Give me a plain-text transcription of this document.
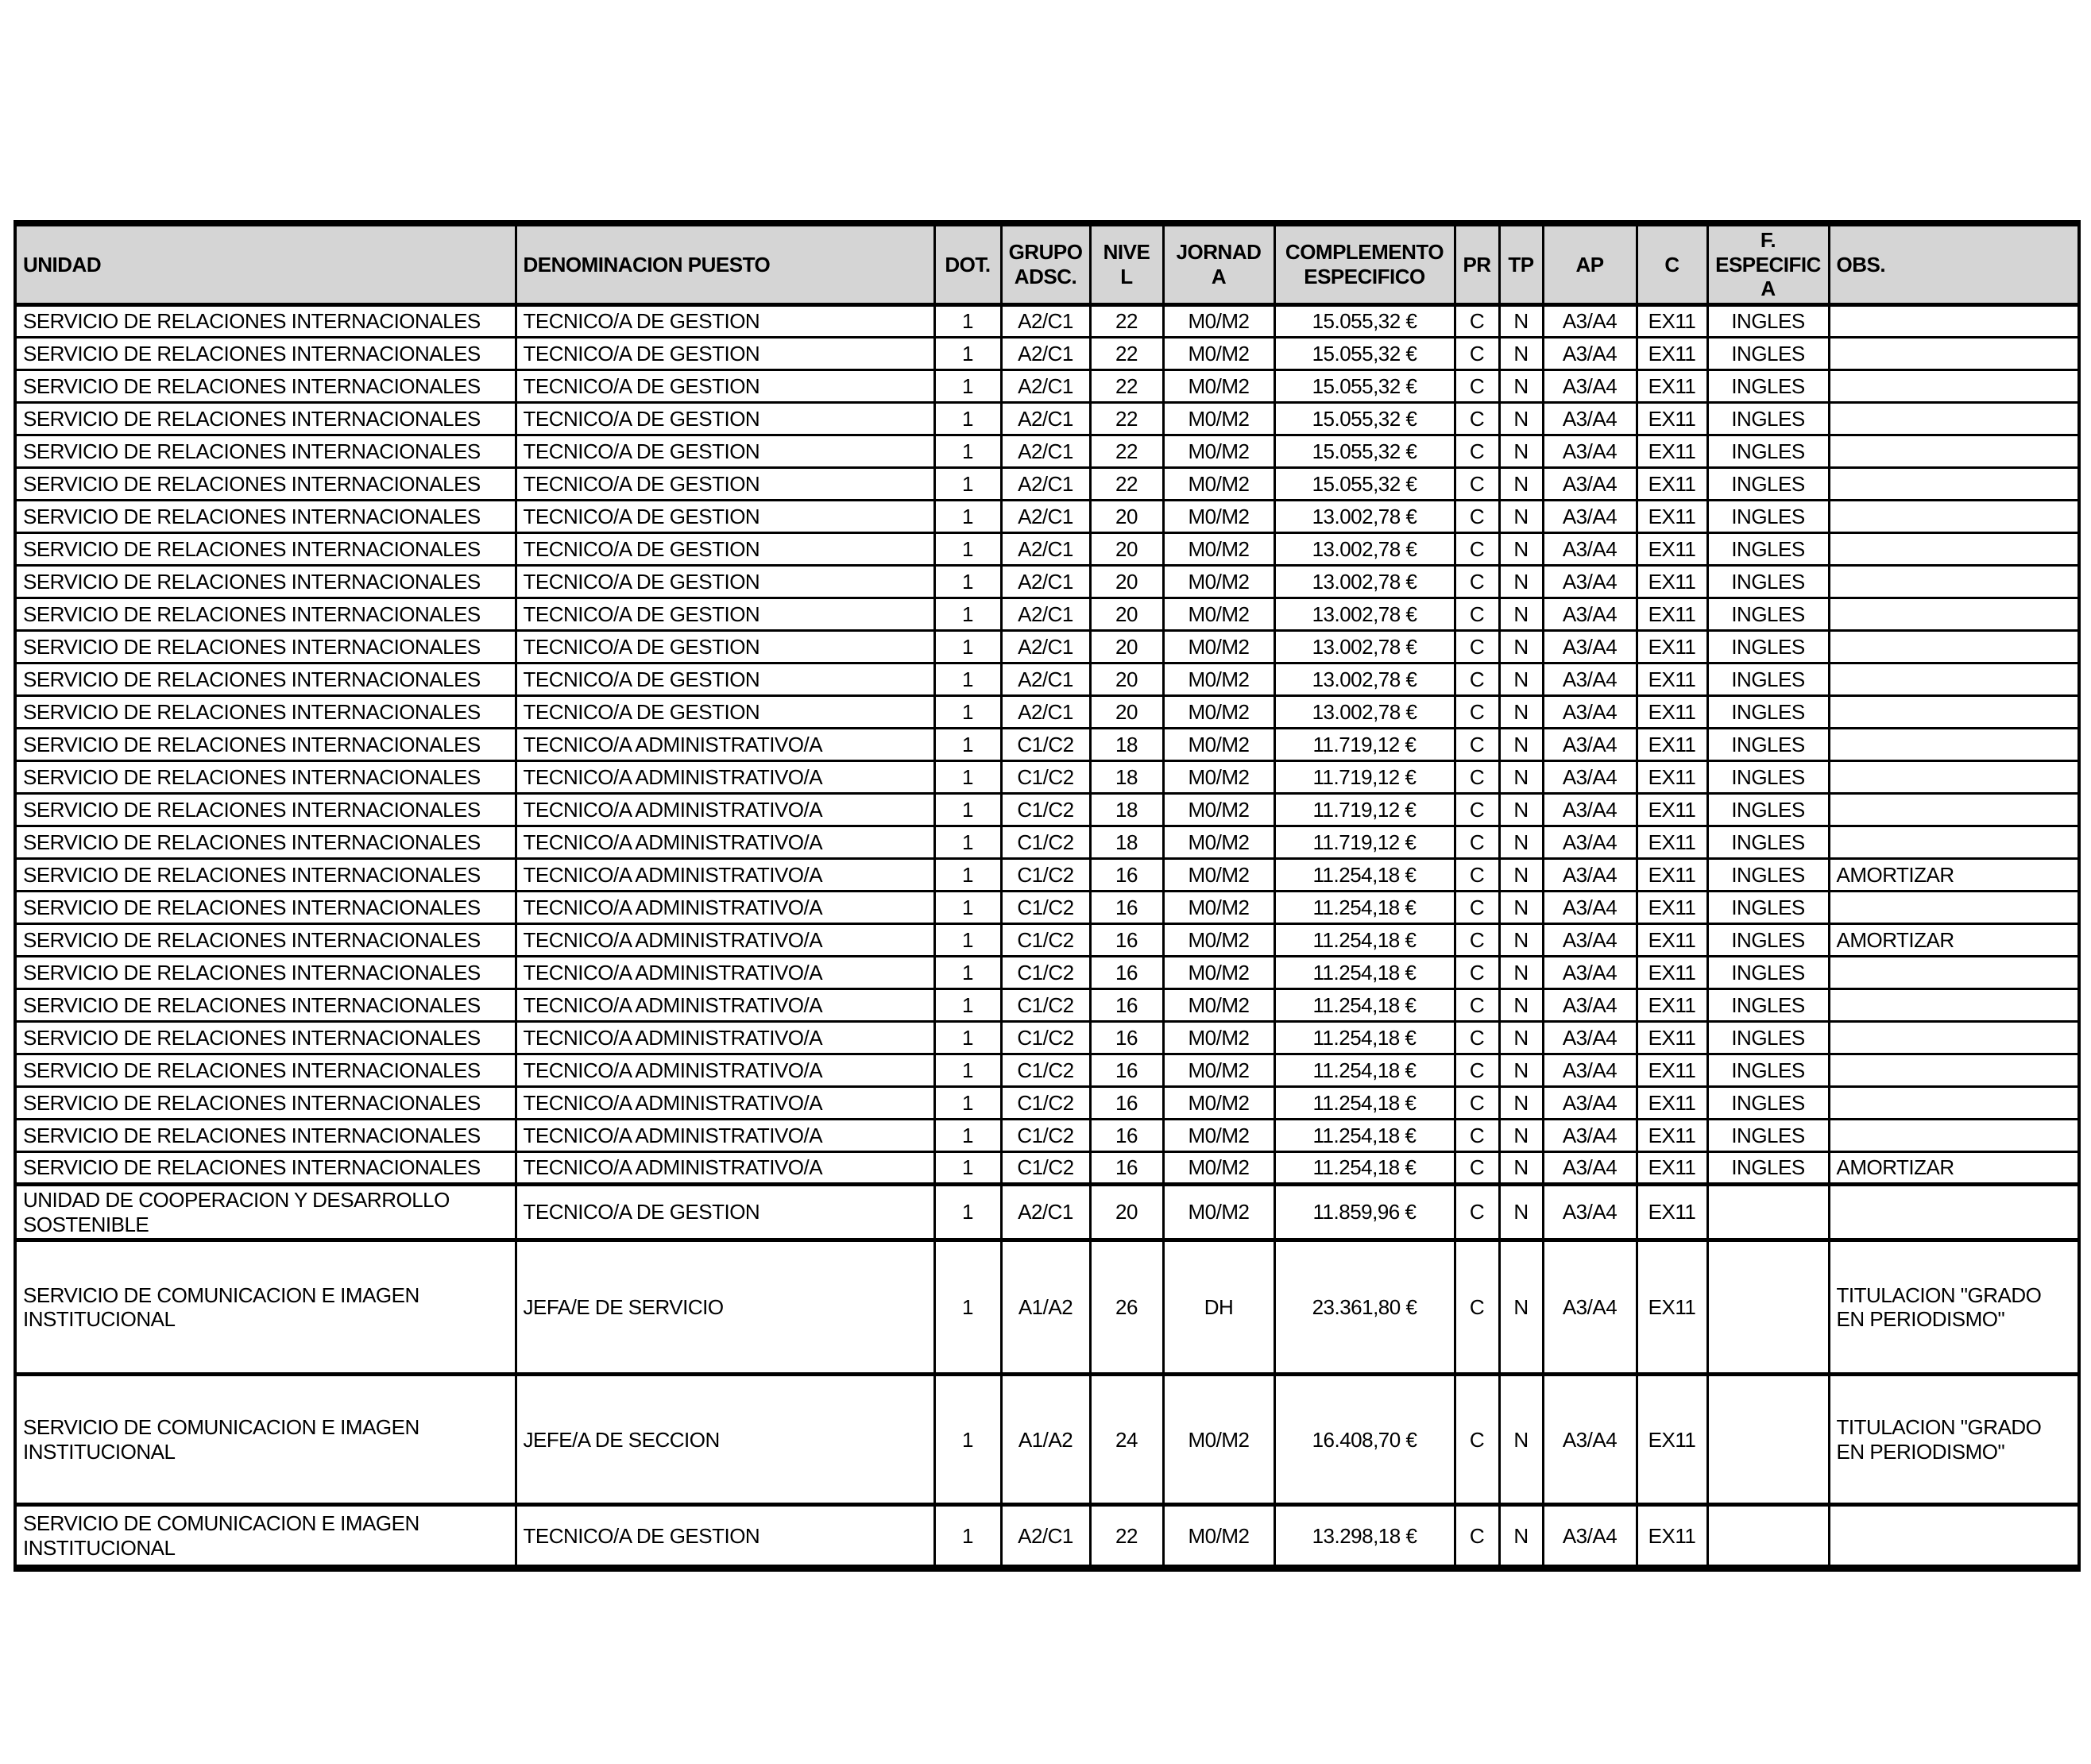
UNIDAD	DENOMINACION PUESTO	DOT.	GRUPO ADSC.	NIVEL	JORNADA	COMPLEMENTO ESPECIFICO	PR	TP	AP	C	F. ESPECIFICA	OBS.
SERVICIO DE RELACIONES INTERNACIONALES	TECNICO/A DE GESTION	1	A2/C1	22	M0/M2	15.055,32 €	C	N	A3/A4	EX11	INGLES	
SERVICIO DE RELACIONES INTERNACIONALES	TECNICO/A DE GESTION	1	A2/C1	22	M0/M2	15.055,32 €	C	N	A3/A4	EX11	INGLES	
SERVICIO DE RELACIONES INTERNACIONALES	TECNICO/A DE GESTION	1	A2/C1	22	M0/M2	15.055,32 €	C	N	A3/A4	EX11	INGLES	
SERVICIO DE RELACIONES INTERNACIONALES	TECNICO/A DE GESTION	1	A2/C1	22	M0/M2	15.055,32 €	C	N	A3/A4	EX11	INGLES	
SERVICIO DE RELACIONES INTERNACIONALES	TECNICO/A DE GESTION	1	A2/C1	22	M0/M2	15.055,32 €	C	N	A3/A4	EX11	INGLES	
SERVICIO DE RELACIONES INTERNACIONALES	TECNICO/A DE GESTION	1	A2/C1	22	M0/M2	15.055,32 €	C	N	A3/A4	EX11	INGLES	
SERVICIO DE RELACIONES INTERNACIONALES	TECNICO/A DE GESTION	1	A2/C1	20	M0/M2	13.002,78 €	C	N	A3/A4	EX11	INGLES	
SERVICIO DE RELACIONES INTERNACIONALES	TECNICO/A DE GESTION	1	A2/C1	20	M0/M2	13.002,78 €	C	N	A3/A4	EX11	INGLES	
SERVICIO DE RELACIONES INTERNACIONALES	TECNICO/A DE GESTION	1	A2/C1	20	M0/M2	13.002,78 €	C	N	A3/A4	EX11	INGLES	
SERVICIO DE RELACIONES INTERNACIONALES	TECNICO/A DE GESTION	1	A2/C1	20	M0/M2	13.002,78 €	C	N	A3/A4	EX11	INGLES	
SERVICIO DE RELACIONES INTERNACIONALES	TECNICO/A DE GESTION	1	A2/C1	20	M0/M2	13.002,78 €	C	N	A3/A4	EX11	INGLES	
SERVICIO DE RELACIONES INTERNACIONALES	TECNICO/A DE GESTION	1	A2/C1	20	M0/M2	13.002,78 €	C	N	A3/A4	EX11	INGLES	
SERVICIO DE RELACIONES INTERNACIONALES	TECNICO/A DE GESTION	1	A2/C1	20	M0/M2	13.002,78 €	C	N	A3/A4	EX11	INGLES	
SERVICIO DE RELACIONES INTERNACIONALES	TECNICO/A ADMINISTRATIVO/A	1	C1/C2	18	M0/M2	11.719,12 €	C	N	A3/A4	EX11	INGLES	
SERVICIO DE RELACIONES INTERNACIONALES	TECNICO/A ADMINISTRATIVO/A	1	C1/C2	18	M0/M2	11.719,12 €	C	N	A3/A4	EX11	INGLES	
SERVICIO DE RELACIONES INTERNACIONALES	TECNICO/A ADMINISTRATIVO/A	1	C1/C2	18	M0/M2	11.719,12 €	C	N	A3/A4	EX11	INGLES	
SERVICIO DE RELACIONES INTERNACIONALES	TECNICO/A ADMINISTRATIVO/A	1	C1/C2	18	M0/M2	11.719,12 €	C	N	A3/A4	EX11	INGLES	
SERVICIO DE RELACIONES INTERNACIONALES	TECNICO/A ADMINISTRATIVO/A	1	C1/C2	16	M0/M2	11.254,18 €	C	N	A3/A4	EX11	INGLES	AMORTIZAR
SERVICIO DE RELACIONES INTERNACIONALES	TECNICO/A ADMINISTRATIVO/A	1	C1/C2	16	M0/M2	11.254,18 €	C	N	A3/A4	EX11	INGLES	
SERVICIO DE RELACIONES INTERNACIONALES	TECNICO/A ADMINISTRATIVO/A	1	C1/C2	16	M0/M2	11.254,18 €	C	N	A3/A4	EX11	INGLES	AMORTIZAR
SERVICIO DE RELACIONES INTERNACIONALES	TECNICO/A ADMINISTRATIVO/A	1	C1/C2	16	M0/M2	11.254,18 €	C	N	A3/A4	EX11	INGLES	
SERVICIO DE RELACIONES INTERNACIONALES	TECNICO/A ADMINISTRATIVO/A	1	C1/C2	16	M0/M2	11.254,18 €	C	N	A3/A4	EX11	INGLES	
SERVICIO DE RELACIONES INTERNACIONALES	TECNICO/A ADMINISTRATIVO/A	1	C1/C2	16	M0/M2	11.254,18 €	C	N	A3/A4	EX11	INGLES	
SERVICIO DE RELACIONES INTERNACIONALES	TECNICO/A ADMINISTRATIVO/A	1	C1/C2	16	M0/M2	11.254,18 €	C	N	A3/A4	EX11	INGLES	
SERVICIO DE RELACIONES INTERNACIONALES	TECNICO/A ADMINISTRATIVO/A	1	C1/C2	16	M0/M2	11.254,18 €	C	N	A3/A4	EX11	INGLES	
SERVICIO DE RELACIONES INTERNACIONALES	TECNICO/A ADMINISTRATIVO/A	1	C1/C2	16	M0/M2	11.254,18 €	C	N	A3/A4	EX11	INGLES	
SERVICIO DE RELACIONES INTERNACIONALES	TECNICO/A ADMINISTRATIVO/A	1	C1/C2	16	M0/M2	11.254,18 €	C	N	A3/A4	EX11	INGLES	AMORTIZAR
UNIDAD DE COOPERACION Y DESARROLLO SOSTENIBLE	TECNICO/A DE GESTION	1	A2/C1	20	M0/M2	11.859,96 €	C	N	A3/A4	EX11		
SERVICIO DE COMUNICACION E IMAGEN INSTITUCIONAL	JEFA/E DE SERVICIO	1	A1/A2	26	DH	23.361,80 €	C	N	A3/A4	EX11		TITULACION "GRADO EN PERIODISMO"
SERVICIO DE COMUNICACION E IMAGEN INSTITUCIONAL	JEFE/A DE SECCION	1	A1/A2	24	M0/M2	16.408,70 €	C	N	A3/A4	EX11		TITULACION "GRADO EN PERIODISMO"
SERVICIO DE COMUNICACION E IMAGEN INSTITUCIONAL	TECNICO/A DE GESTION	1	A2/C1	22	M0/M2	13.298,18 €	C	N	A3/A4	EX11		
